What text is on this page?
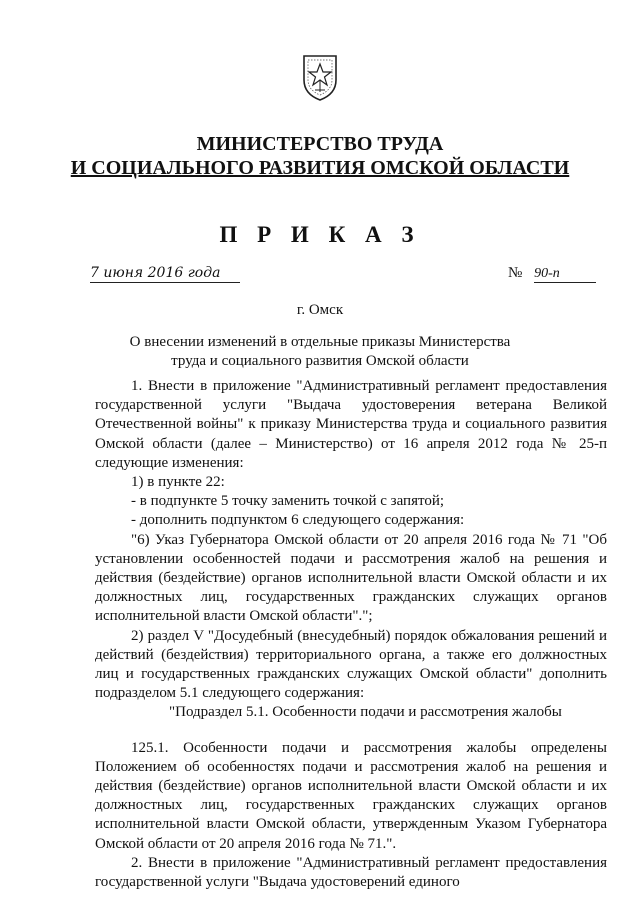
МИНИСТЕРСТВО ТРУДА
И СОЦИАЛЬНОГО РАЗВИТИЯ ОМСКОЙ ОБЛАСТИ
П Р И К А З
7 июня 2016 года	№ 90-п
г. Омск
О внесении изменений в отдельные приказы Министерства труда и социального развития Омской области

1. Внести в приложение "Административный регламент предоставления государственной услуги "Выдача удостоверения ветерана Великой Отечественной войны" к приказу Министерства труда и социального развития Омской области (далее – Министерство) от 16 апреля 2012 года № 25-п следующие изменения:

1) в пункте 22:

- в подпункте 5 точку заменить точкой с запятой;

- дополнить подпунктом 6 следующего содержания:

"6) Указ Губернатора Омской области от 20 апреля 2016 года № 71 "Об установлении особенностей подачи и рассмотрения жалоб на решения и действия (бездействие) органов исполнительной власти Омской области и их должностных лиц, государственных гражданских служащих органов исполнительной власти Омской области".";

2) раздел V "Досудебный (внесудебный) порядок обжалования решений и действий (бездействия) территориального органа, а также его должностных лиц и государственных гражданских служащих Омской области" дополнить подразделом 5.1 следующего содержания:

"Подраздел 5.1. Особенности подачи и рассмотрения жалобы

125.1. Особенности подачи и рассмотрения жалобы определены Положением об особенностях подачи и рассмотрения жалоб на решения и действия (бездействие) органов исполнительной власти Омской области и их должностных лиц, государственных гражданских служащих органов исполнительной власти Омской области, утвержденным Указом Губернатора Омской области от 20 апреля 2016 года № 71.".

2. Внести в приложение "Административный регламент предоставления государственной услуги "Выдача удостоверений единого
